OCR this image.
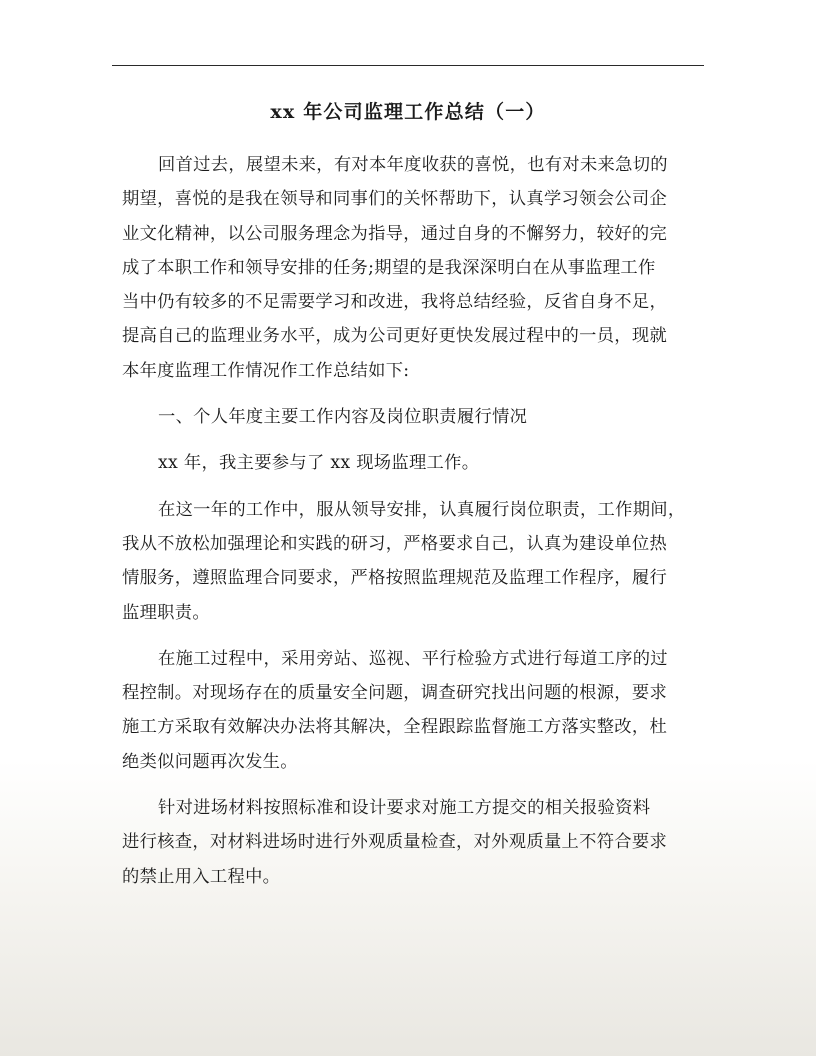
xx 年公司监理工作总结（一）

回首过去，展望未来，有对本年度收获的喜悦，也有对未来急切的
期望，喜悦的是我在领导和同事们的关怀帮助下，认真学习领会公司企
业文化精神，以公司服务理念为指导，通过自身的不懈努力，较好的完
成了本职工作和领导安排的任务;期望的是我深深明白在从事监理工作
当中仍有较多的不足需要学习和改进，我将总结经验，反省自身不足，
提高自己的监理业务水平，成为公司更好更快发展过程中的一员，现就
本年度监理工作情况作工作总结如下:

一、个人年度主要工作内容及岗位职责履行情况

xx 年，我主要参与了 xx 现场监理工作。

在这一年的工作中，服从领导安排，认真履行岗位职责，工作期间，
我从不放松加强理论和实践的研习，严格要求自己，认真为建设单位热
情服务，遵照监理合同要求，严格按照监理规范及监理工作程序，履行
监理职责。

在施工过程中，采用旁站、巡视、平行检验方式进行每道工序的过
程控制。对现场存在的质量安全问题，调查研究找出问题的根源，要求
施工方采取有效解决办法将其解决，全程跟踪监督施工方落实整改，杜
绝类似问题再次发生。

针对进场材料按照标准和设计要求对施工方提交的相关报验资料
进行核查，对材料进场时进行外观质量检查，对外观质量上不符合要求
的禁止用入工程中。
